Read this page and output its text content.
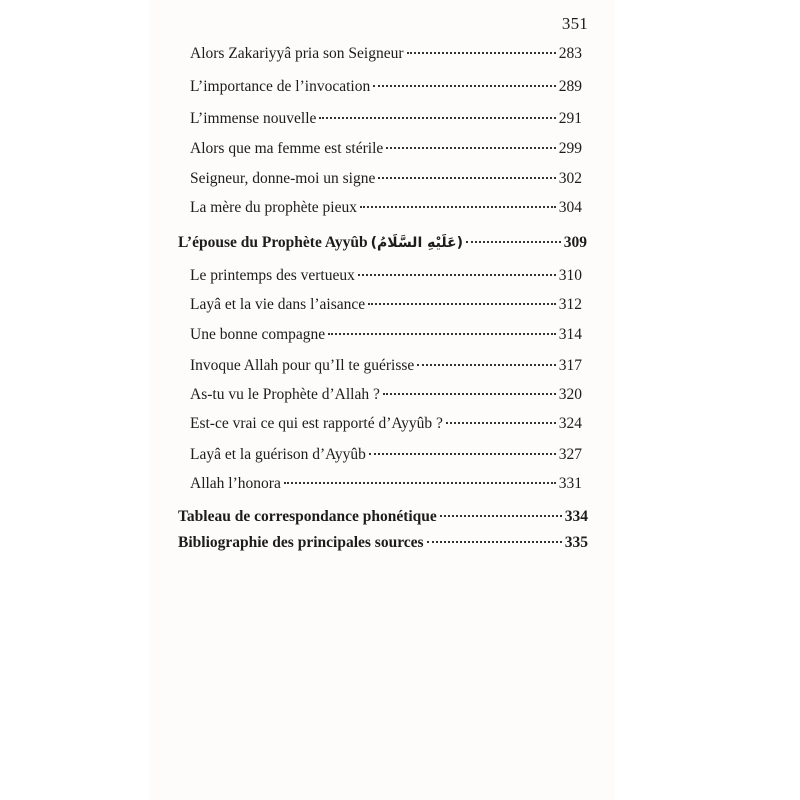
351
Alors Zakariyyâ pria son Seigneur	283
L’importance de l’invocation	289
L’immense nouvelle	291
Alors que ma femme est stérile	299
Seigneur, donne-moi un signe	302
La mère du prophète pieux	304
L’épouse du Prophète Ayyûb (عَلَيْهِ السَّلَامُ)	309
Le printemps des vertueux	310
Layâ et la vie dans l’aisance	312
Une bonne compagne	314
Invoque Allah pour qu’Il te guérisse	317
As-tu vu le Prophète d’Allah ?	320
Est-ce vrai ce qui est rapporté d’Ayyûb ?	324
Layâ et la guérison d’Ayyûb	327
Allah l’honora	331
Tableau de correspondance phonétique	334
Bibliographie des principales sources	335
